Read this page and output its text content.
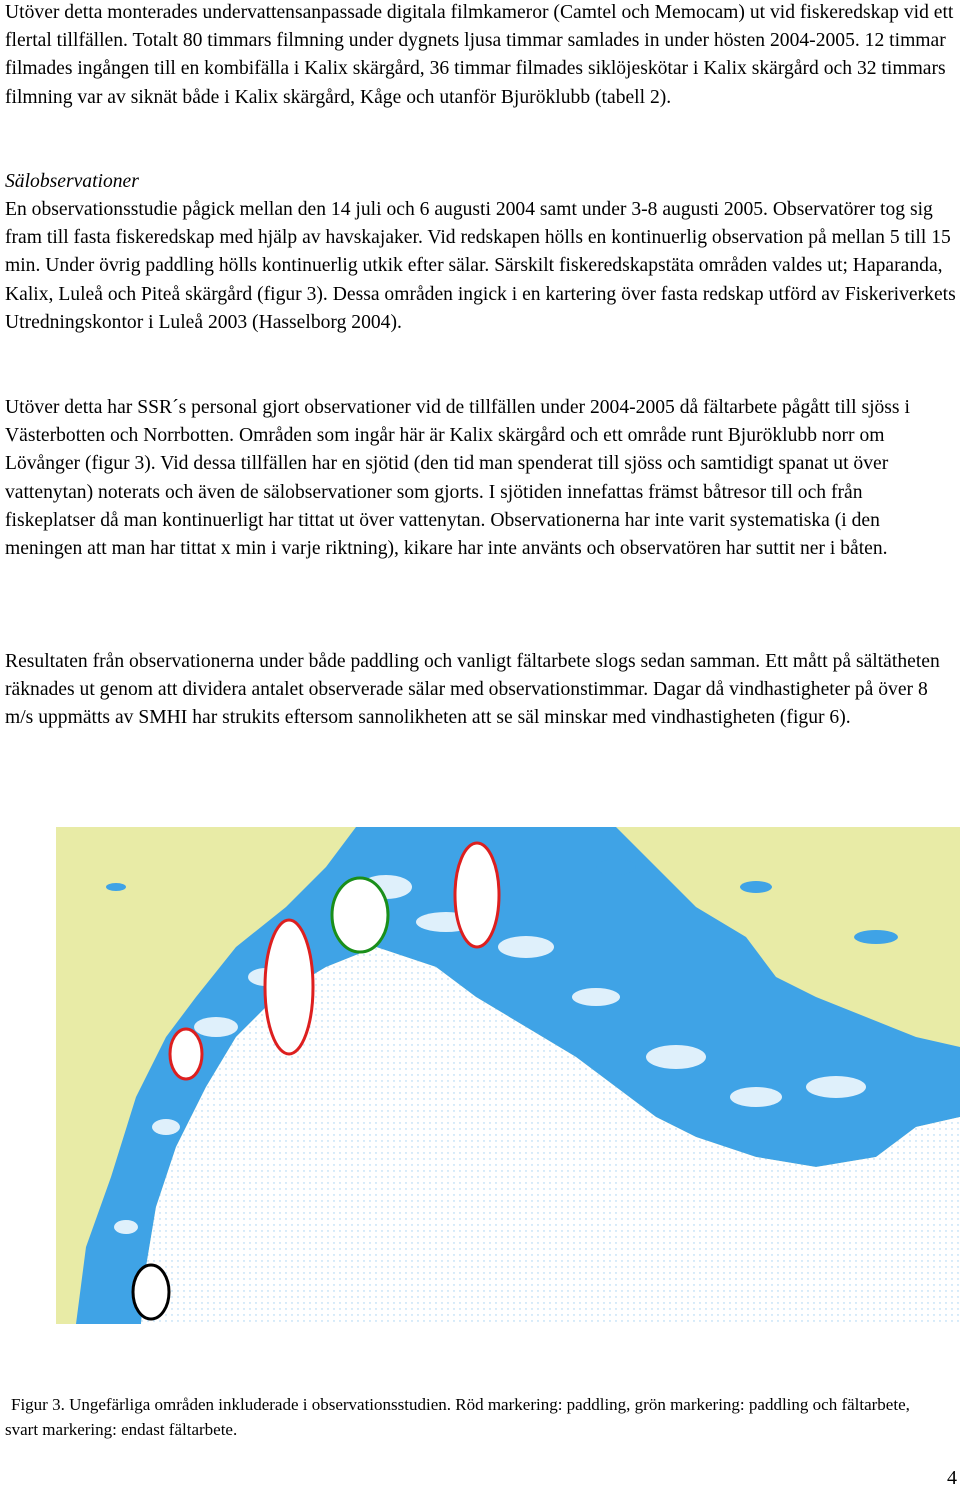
Utöver detta monterades undervattensanpassade digitala filmkameror (Camtel och Memocam) ut vid fiskeredskap vid ett flertal tillfällen. Totalt 80 timmars filmning under dygnets ljusa timmar samlades in under hösten 2004-2005. 12 timmar filmades ingången till en kombifälla i Kalix skärgård, 36 timmar filmades siklöjeskötar i Kalix skärgård och 32 timmars filmning var av siknät både i Kalix skärgård, Kåge och utanför Bjuröklubb (tabell 2).

Sälobservationer

En observationsstudie pågick mellan den 14 juli och 6 augusti 2004 samt under 3-8 augusti 2005. Observatörer tog sig fram till fasta fiskeredskap med hjälp av havskajaker. Vid redskapen hölls en kontinuerlig observation på mellan 5 till 15 min. Under övrig paddling hölls kontinuerlig utkik efter sälar. Särskilt fiskeredskapstäta områden valdes ut; Haparanda, Kalix, Luleå och Piteå skärgård (figur 3). Dessa områden ingick i en kartering över fasta redskap utförd av Fiskeriverkets Utredningskontor i Luleå 2003 (Hasselborg 2004).

Utöver detta har SSR´s personal gjort observationer vid de tillfällen under 2004-2005 då fältarbete pågått till sjöss i Västerbotten och Norrbotten. Områden som ingår här är Kalix skärgård och ett område runt Bjuröklubb norr om Lövånger (figur 3). Vid dessa tillfällen har en sjötid (den tid man spenderat till sjöss och samtidigt spanat ut över vattenytan) noterats och även de sälobservationer som gjorts. I sjötiden innefattas främst båtresor till och från fiskeplatser då man kontinuerligt har tittat ut över vattenytan. Observationerna har inte varit systematiska (i den meningen att man har tittat x min i varje riktning), kikare har inte använts och observatören har suttit ner i båten.

Resultaten från observationerna under både paddling och vanligt fältarbete slogs sedan samman. Ett mått på sältätheten räknades ut genom att dividera antalet observerade sälar med observationstimmar. Dagar då vindhastigheter på över 8 m/s uppmätts av SMHI har strukits eftersom sannolikheten att se säl minskar med vindhastigheten (figur 6).

Figur 3. Ungefärliga områden inkluderade i observationsstudien. Röd markering: paddling, grön markering: paddling och fältarbete, svart markering: endast fältarbete.
4
